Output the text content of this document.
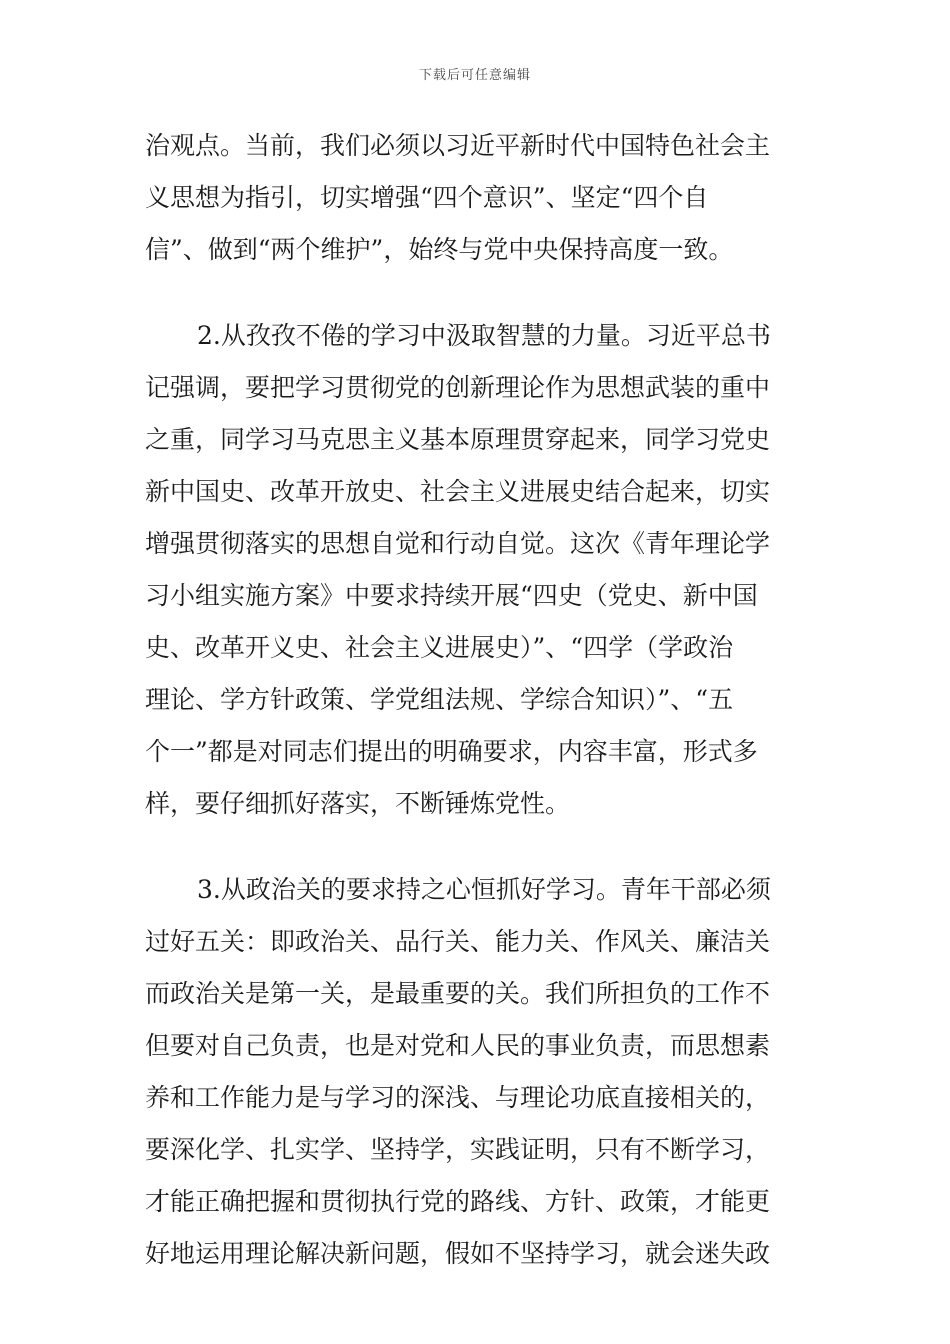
下载后可任意编辑
治观点。当前，我们必须以习近平新时代中国特色社会主
义思想为指引，切实增强“四个意识”、坚定“四个自
信”、做到“两个维护”，始终与党中央保持高度一致。
2.从孜孜不倦的学习中汲取智慧的力量。习近平总书
记强调，要把学习贯彻党的创新理论作为思想武装的重中
之重，同学习马克思主义基本原理贯穿起来，同学习党史
新中国史、改革开放史、社会主义进展史结合起来，切实
增强贯彻落实的思想自觉和行动自觉。这次《青年理论学
习小组实施方案》中要求持续开展“四史（党史、新中国
史、改革开义史、社会主义进展史）”、“四学（学政治
理论、学方针政策、学党组法规、学综合知识）”、“五
个一”都是对同志们提出的明确要求，内容丰富，形式多
样，要仔细抓好落实，不断锤炼党性。
3.从政治关的要求持之心恒抓好学习。青年干部必须
过好五关：即政治关、品行关、能力关、作风关、廉洁关
而政治关是第一关，是最重要的关。我们所担负的工作不
但要对自己负责，也是对党和人民的事业负责，而思想素
养和工作能力是与学习的深浅、与理论功底直接相关的，
要深化学、扎实学、坚持学，实践证明，只有不断学习，
才能正确把握和贯彻执行党的路线、方针、政策，才能更
好地运用理论解决新问题，假如不坚持学习，就会迷失政
